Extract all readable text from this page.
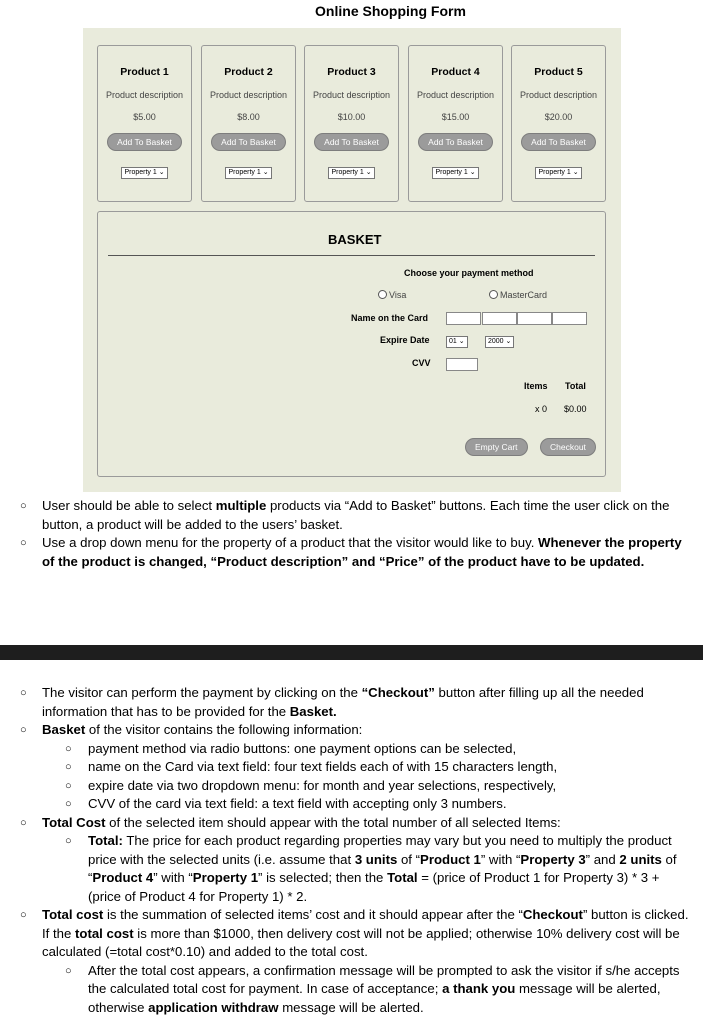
Online Shopping Form
Product 1
Product description
$5.00
Add To Basket
Property 1 ⌄
Product 2
Product description
$8.00
Add To Basket
Property 1 ⌄
Product 3
Product description
$10.00
Add To Basket
Property 1 ⌄
Product 4
Product description
$15.00
Add To Basket
Property 1 ⌄
Product 5
Product description
$20.00
Add To Basket
Property 1 ⌄
BASKET
Choose your payment method
Visa	MasterCard
Name on the Card
Expire Date	01 ⌄	2000 ⌄
CVV
Items Total
x 0 $0.00
Empty Cart	Checkout

○ User should be able to select multiple products via “Add to Basket” buttons. Each time the user click on the button, a product will be added to the users’ basket.

○ Use a drop down menu for the property of a product that the visitor would like to buy. Whenever the property of the product is changed, “Product description” and “Price” of the product have to be updated.

○ The visitor can perform the payment by clicking on the “Checkout” button after filling up all the needed information that has to be provided for the Basket.

○ Basket of the visitor contains the following information:

○ payment method via radio buttons: one payment options can be selected,

○ name on the Card via text field: four text fields each of with 15 characters length,

○ expire date via two dropdown menu: for month and year selections, respectively,

○ CVV of the card via text field: a text field with accepting only 3 numbers.

○ Total Cost of the selected item should appear with the total number of all selected Items:

○ Total: The price for each product regarding properties may vary but you need to multiply the product price with the selected units (i.e. assume that 3 units of “Product 1” with “Property 3” and 2 units of “Product 4” with “Property 1” is selected; then the Total = (price of Product 1 for Property 3) * 3 + (price of Product 4 for Property 1) * 2.

○ Total cost is the summation of selected items’ cost and it should appear after the “Checkout” button is clicked. If the total cost is more than $1000, then delivery cost will not be applied; otherwise 10% delivery cost will be calculated (=total cost*0.10) and added to the total cost.

○ After the total cost appears, a confirmation message will be prompted to ask the visitor if s/he accepts the calculated total cost for payment. In case of acceptance; a thank you message will be alerted, otherwise application withdraw message will be alerted.
